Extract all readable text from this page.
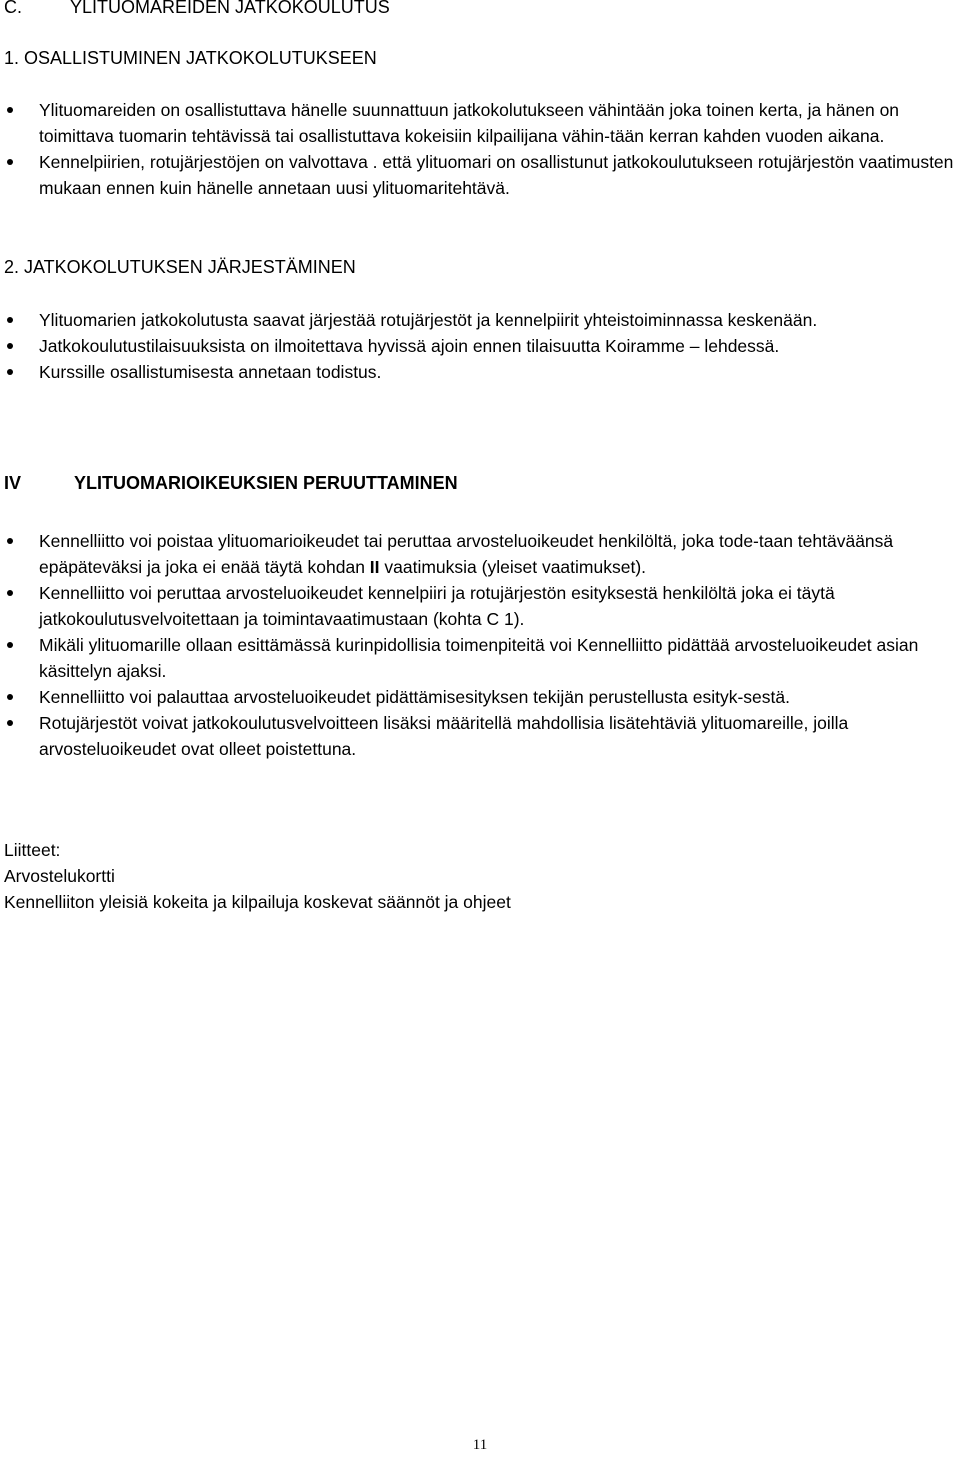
C.	YLITUOMAREIDEN JATKOKOULUTUS
1. OSALLISTUMINEN JATKOKOLUTUKSEEN
Ylituomareiden on osallistuttava hänelle suunnattuun jatkokolutukseen vähintään joka toinen kerta, ja hänen on toimittava tuomarin tehtävissä tai osallistuttava kokeisiin kilpailijana vähin-tään kerran kahden vuoden aikana.
Kennelpiirien, rotujärjestöjen on valvottava . että ylituomari on osallistunut jatkokoulutukseen rotujärjestön vaatimusten mukaan ennen kuin hänelle annetaan uusi ylituomaritehtävä.
2. JATKOKOLUTUKSEN JÄRJESTÄMINEN
Ylituomarien jatkokolutusta saavat järjestää rotujärjestöt ja kennelpiirit yhteistoiminnassa keskenään.
Jatkokoulutustilaisuuksista on ilmoitettava hyvissä ajoin ennen tilaisuutta Koiramme – lehdessä.
Kurssille osallistumisesta annetaan todistus.
IV	YLITUOMARIOIKEUKSIEN PERUUTTAMINEN
Kennelliitto voi poistaa ylituomarioikeudet tai peruttaa arvosteluoikeudet henkilöltä, joka tode-taan tehtäväänsä epäpäteväksi ja joka ei enää täytä kohdan II vaatimuksia (yleiset vaatimukset).
Kennelliitto voi peruttaa arvosteluoikeudet kennelpiiri ja rotujärjestön esityksestä henkilöltä joka ei täytä jatkokoulutusvelvoitettaan ja toimintavaatimustaan (kohta C 1).
Mikäli ylituomarille ollaan esittämässä kurinpidollisia toimenpiteitä voi Kennelliitto pidättää arvosteluoikeudet asian käsittelyn ajaksi.
Kennelliitto voi palauttaa arvosteluoikeudet pidättämisesityksen tekijän perustellusta esityk-sestä.
Rotujärjestöt voivat jatkokoulutusvelvoitteen lisäksi määritellä mahdollisia lisätehtäviä ylituomareille, joilla arvosteluoikeudet ovat olleet poistettuna.
Liitteet:
Arvostelukortti
Kennelliiton yleisiä kokeita ja kilpailuja koskevat säännöt ja ohjeet
11
